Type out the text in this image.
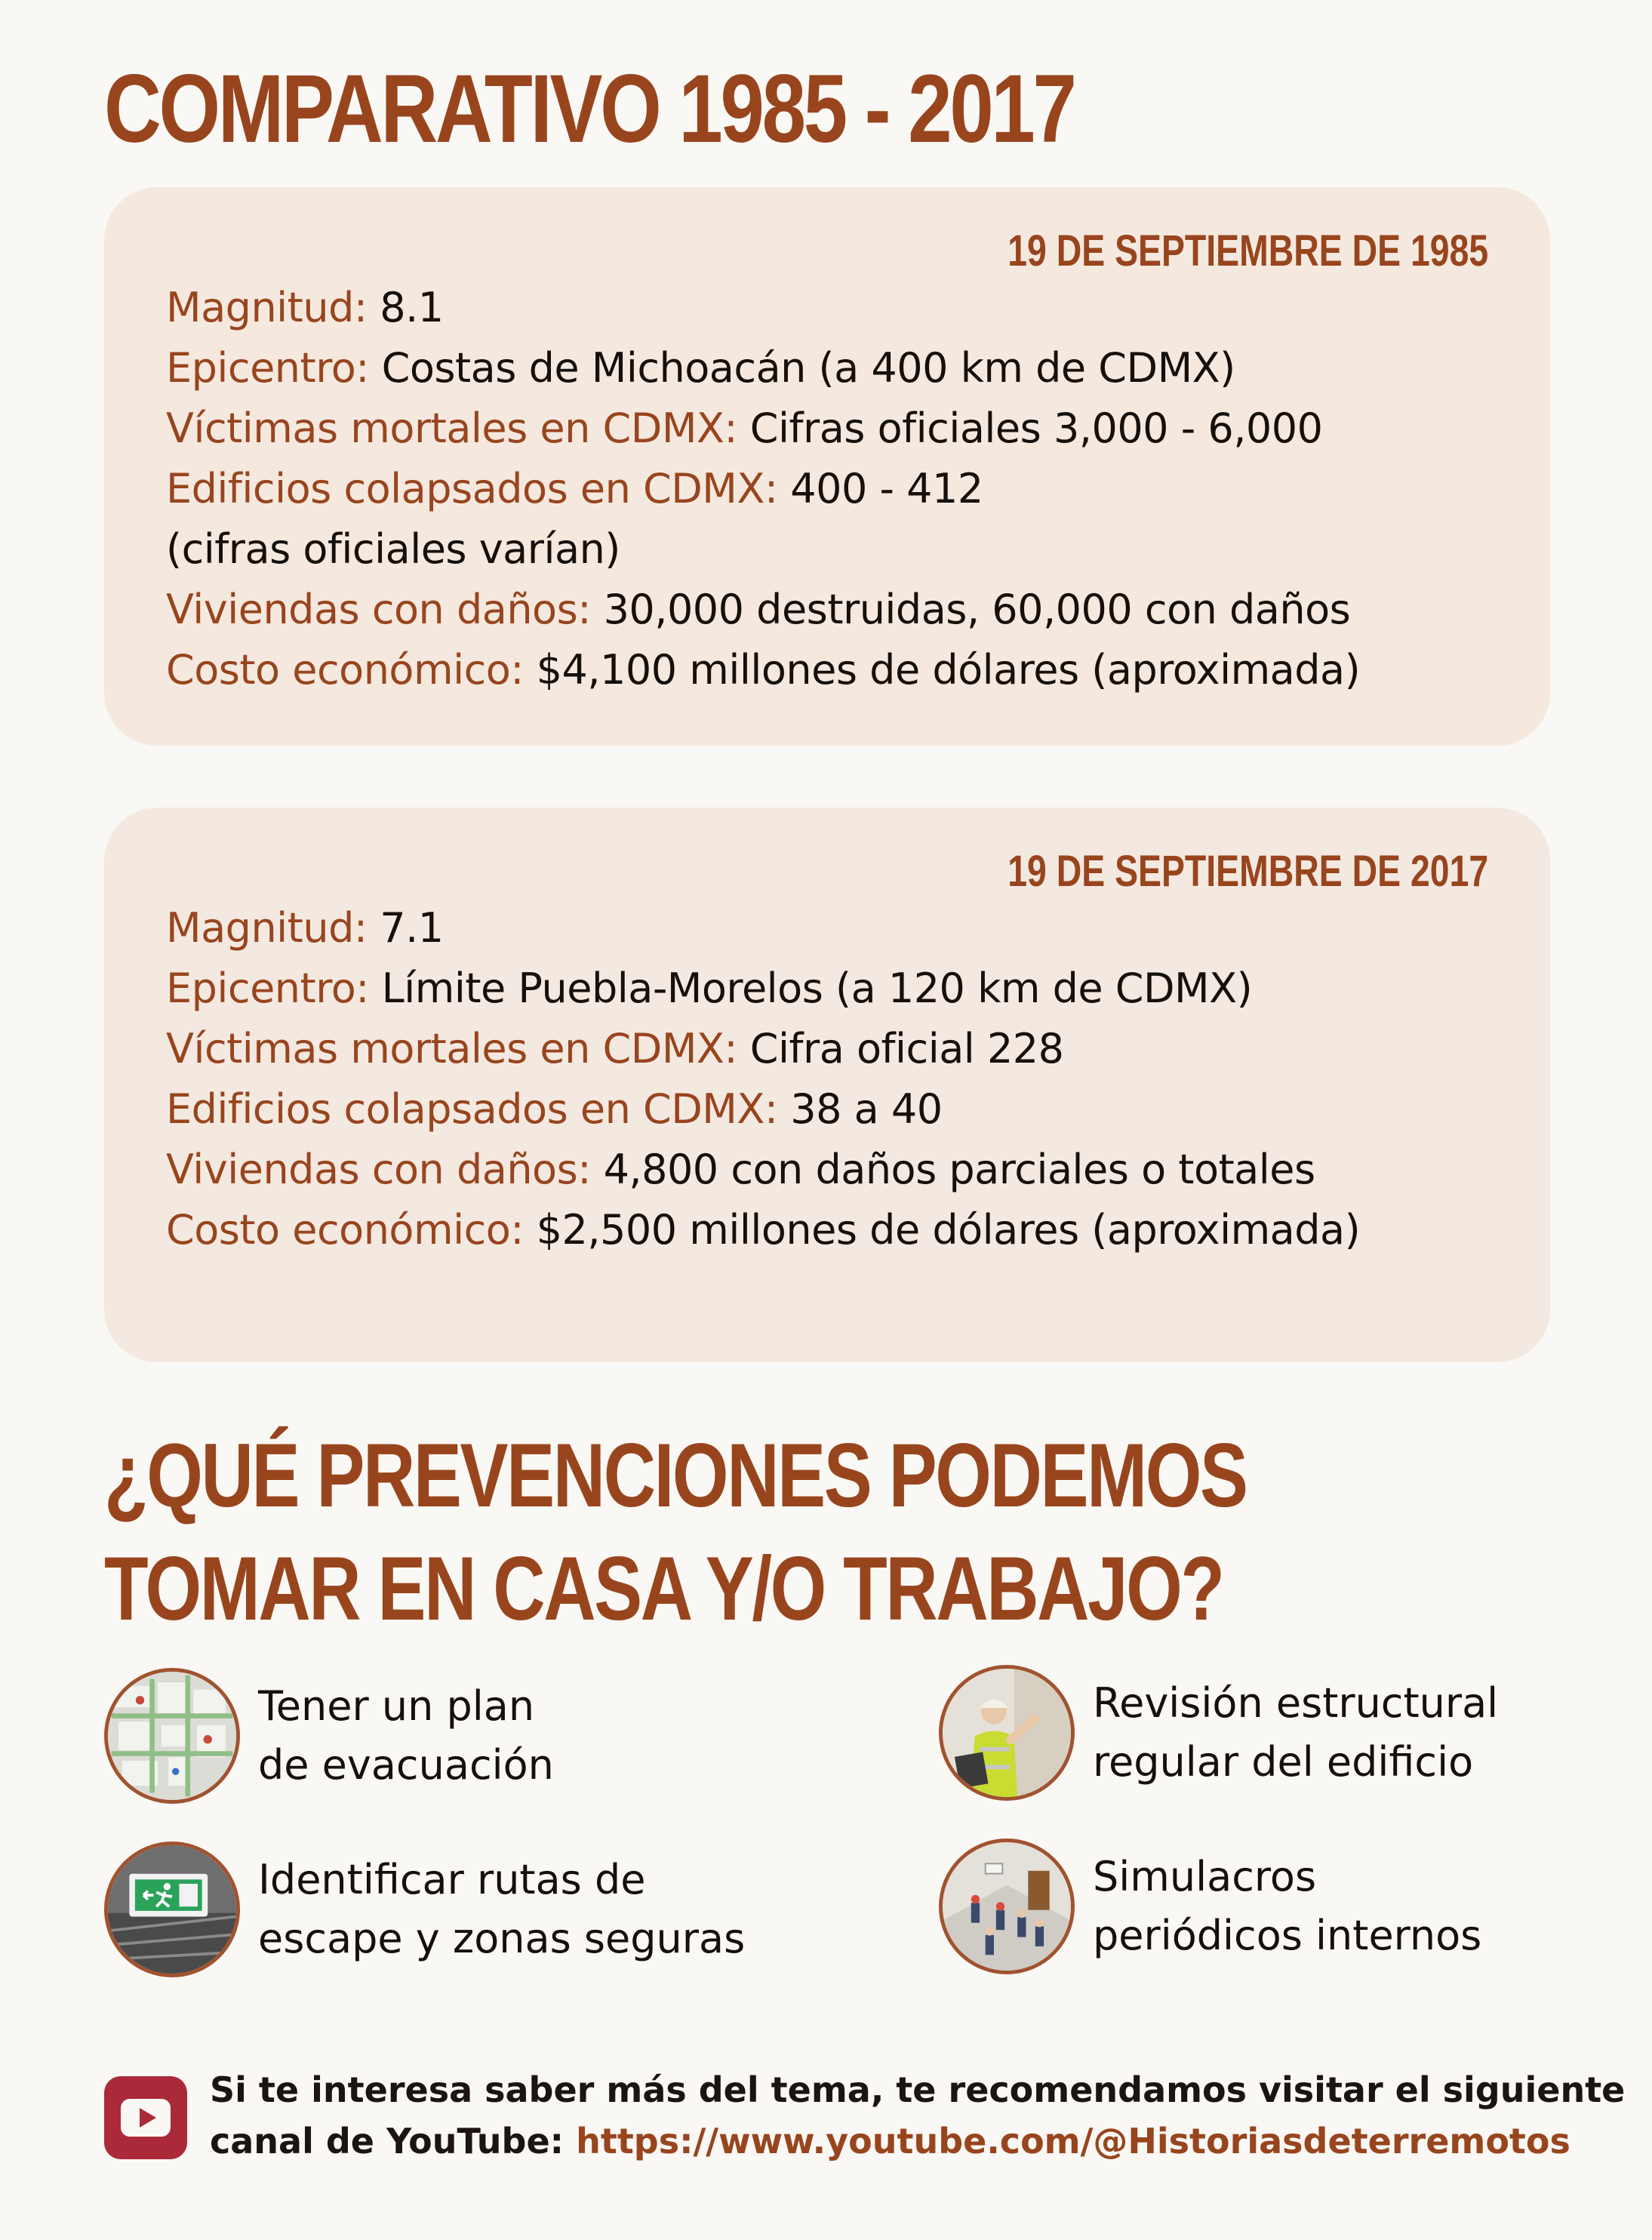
COMPARATIVO 1985 - 2017
19 DE SEPTIEMBRE DE 1985
Magnitud: 8.1
Epicentro: Costas de Michoacán (a 400 km de CDMX)
Víctimas mortales en CDMX: Cifras oficiales 3,000 - 6,000
Edificios colapsados en CDMX: 400 - 412
(cifras oficiales varían)
Viviendas con daños: 30,000 destruidas, 60,000 con daños
Costo económico: $4,100 millones de dólares (aproximada)
19 DE SEPTIEMBRE DE 2017
Magnitud: 7.1
Epicentro: Límite Puebla-Morelos (a 120 km de CDMX)
Víctimas mortales en CDMX: Cifra oficial 228
Edificios colapsados en CDMX: 38 a 40
Viviendas con daños: 4,800 con daños parciales o totales
Costo económico: $2,500 millones de dólares (aproximada)
¿QUÉ PREVENCIONES PODEMOS
TOMAR EN CASA Y/O TRABAJO?
Tener un plan
de evacuación
Revisión estructural
regular del edificio
Identificar rutas de
escape y zonas seguras
Simulacros
periódicos internos
Si te interesa saber más del tema, te recomendamos visitar el siguiente
canal de YouTube: https://www.youtube.com/@Historiasdeterremotos
